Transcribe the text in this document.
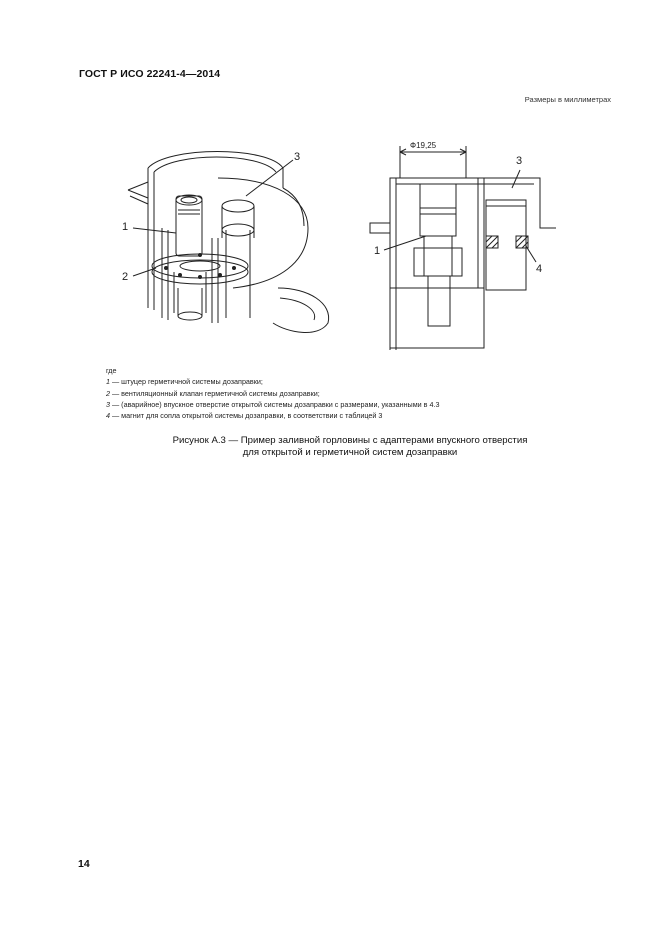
ГОСТ Р ИСО 22241-4—2014
Размеры в миллиметрах
1
2
3
Ф19,25
1
3
4
где
1 — штуцер герметичной системы дозаправки;
2 — вентиляционный клапан герметичной системы дозаправки;
3 — (аварийное) впускное отверстие открытой системы дозаправки с размерами, указанными в 4.3
4 — магнит для сопла открытой системы дозаправки, в соответствии с таблицей 3
Рисунок А.3 — Пример заливной горловины с адаптерами впускного отверстия
для открытой и герметичной систем дозаправки
14
